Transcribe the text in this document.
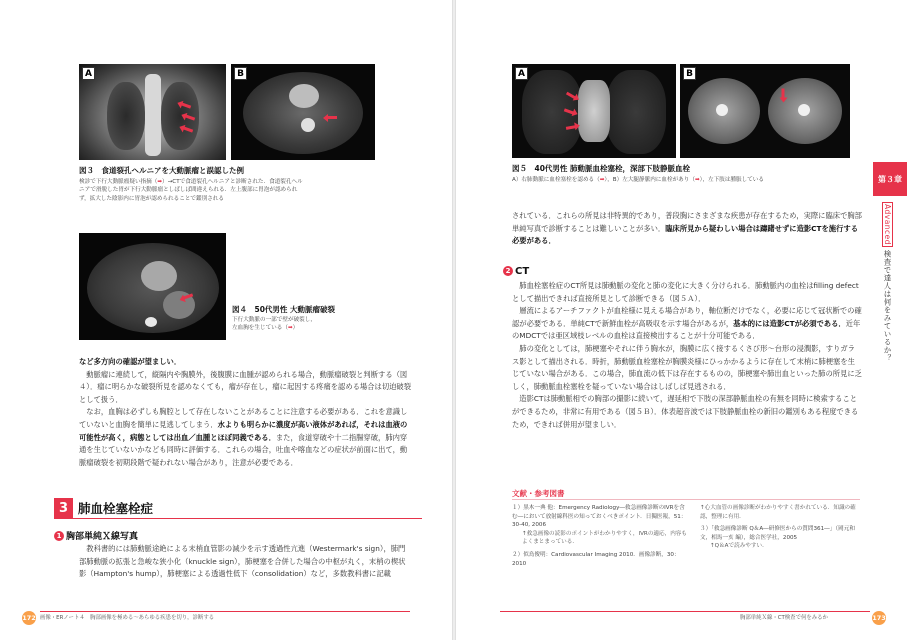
A	B
図３　食道裂孔ヘルニアを大動脈瘤と誤認した例
検診で下行大動脈瘤疑い指摘（➡）→CTで食道裂孔ヘルニアと診断された．食道裂孔ヘルニアで滑脱した胃が下行大動脈瘤としばしば間違えられる．左上腹部に胃泡が認められず，拡大した陰影内に胃泡が認められることで鑑別される
図４　50代男性 大動脈瘤破裂
下行大動脈の一部で壁が破裂し，左血胸を生じている（➡）

など多方向の確認が望ましい．

動脈瘤に連続して，縦隔内や胸膜外，後腹膜に血腫が認められる場合，動脈瘤破裂と判断する（図４）．瘤に明らかな破裂所見を認めなくても，瘤が存在し，瘤に起因する疼痛を認める場合は切迫破裂として扱う．

なお，血胸は必ずしも胸腔として存在しないことがあることに注意する必要がある．これを意識していないと血胸を簡単に見逃してしまう．水よりも明らかに濃度が高い液体があれば，それは血液の可能性が高く，病態としては出血／血腫とほぼ同義である．また，食道穿破や十二指腸穿破，肺内穿通を生じていないかなども同時に評価する．これらの場合，吐血や喀血などの症状が前面に出て，動脈瘤破裂を初期段階で疑われない場合があり，注意が必要である．

3 肺血栓塞栓症
1 胸部単純Ｘ線写真
教科書的には肺動脈途絶による末梢血管影の減少を示す透過性亢進（Westermark's sign），肺門部肺動脈の拡張と急峻な狭小化（knuckle sign），肺梗塞を合併した場合の中枢が丸く，末梢の楔状影（Hampton's hump），肺梗塞による透過性低下（consolidation）など，多数教科書に記載
172 画像・ERノート４　胸部画像を極める～あらゆる疾患を切り，診断する
A	B
図５　40代男性 肺動脈血栓塞栓，深部下肢静脈血栓
A）右肺動脈に血栓塞栓を認める（➡），B）左大腿静脈内に血栓があり（➡），左下肢は腫脹している
されている．これらの所見は非特異的であり，普段胸にさまざまな疾患が存在するため，実際に臨床で胸部単純写真で診断することは難しいことが多い．臨床所見から疑わしい場合は躊躇せずに造影CTを施行する必要がある．
2 CT

肺血栓塞栓症のCT所見は肺動脈の変化と肺の変化に大きく分けられる．肺動脈内の血栓はfilling defectとして描出できれば直接所見として診断できる（図５Ａ）．

層流によるアーチファクトが血栓様に見える場合があり，軸位断だけでなく，必要に応じて冠状断での確認が必要である．単純CTで新鮮血栓が高吸収を示す場合があるが，基本的には造影CTが必須である．近年のMDCTでは亜区域枝レベルの血栓は直接検出することが十分可能である．

肺の変化としては，肺梗塞やそれに伴う胸水が，胸膜に広く接するくさび形～台形の浸潤影，すりガラス影として描出される．時折，肺動脈血栓塞栓が胸膜炎様にひっかかるように存在して末梢に肺梗塞を生じていない場合がある．この場合，肺血流の低下は存在するものの，肺梗塞や肺出血といった肺の所見に乏しく，肺動脈血栓塞栓を疑っていない場合はしばしば見逃される．

造影CTは肺動脈相での胸部の撮影に続いて，遅延相で下肢の深部静脈血栓の有無を同時に検索することができるため，非常に有用である（図５Ｂ）．体表超音波では下肢静脈血栓の新旧の鑑別もある程度できるため，できれば併用が望ましい．

文献・参考図書
１）黒木一典 他：Emergency Radiology―救急画像診断のIVRを含む―において放射線科医の知っておくべきポイント．日獨医報，51：30-40, 2006
↑救急画像の読影のポイントがわかりやすく，IVRの適応，内容もよくまとまっている．
２）似鳥俊明：Cardiovascular Imaging 2010．画像診断，30：2010
↑心大血管の画像診断がわかりやすく書かれている．知識の確認，整理に有用．
３）「救急画像診断 Q＆A―研修医からの質問361―」（岡元和文，相馬一亥 編），総合医学社，2005
↑Q＆Aで読みやすい．
第３章
Advanced検査で達人は何をみているか？
173
胸部単純Ｘ線・CT検査で何をみるか
